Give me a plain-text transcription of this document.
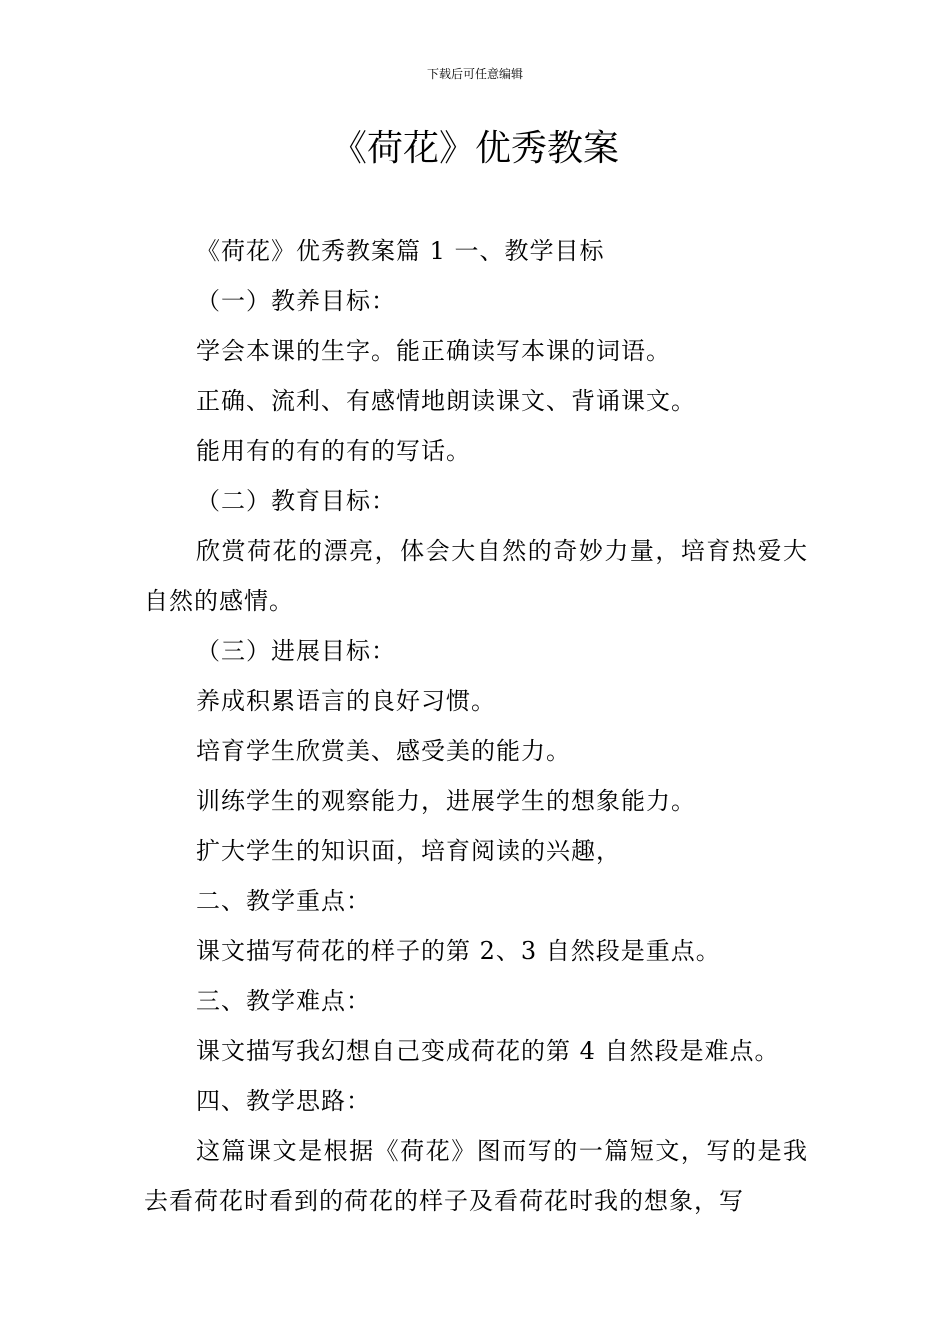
下载后可任意编辑
《荷花》优秀教案

《荷花》优秀教案篇 1 一、教学目标

（一）教养目标：

学会本课的生字。能正确读写本课的词语。

正确、流利、有感情地朗读课文、背诵课文。

能用有的有的有的写话。

（二）教育目标：

欣赏荷花的漂亮，体会大自然的奇妙力量，培育热爱大自然的感情。

（三）进展目标：

养成积累语言的良好习惯。

培育学生欣赏美、感受美的能力。

训练学生的观察能力，进展学生的想象能力。

扩大学生的知识面，培育阅读的兴趣，

二、教学重点：

课文描写荷花的样子的第 2、3 自然段是重点。

三、教学难点：

课文描写我幻想自己变成荷花的第 4 自然段是难点。

四、教学思路：

这篇课文是根据《荷花》图而写的一篇短文，写的是我去看荷花时看到的荷花的样子及看荷花时我的想象，写
